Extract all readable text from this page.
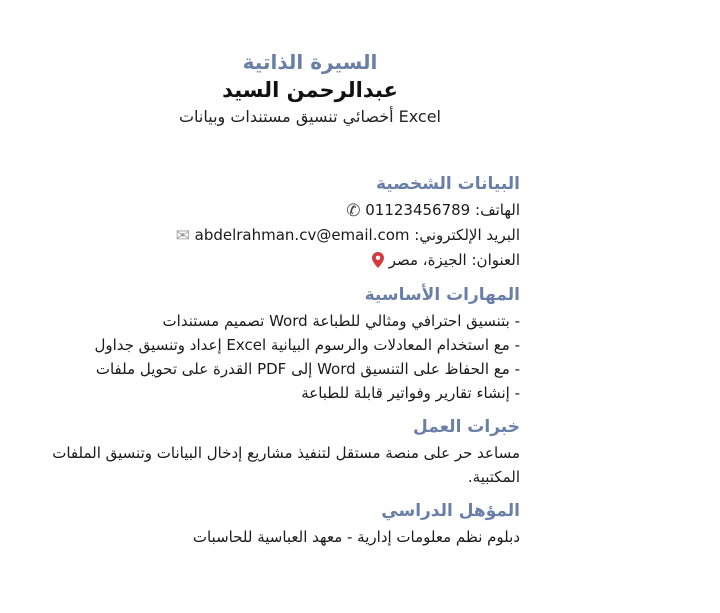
السيرة الذاتية
عبدالرحمن السيد
Excel أخصائي تنسيق مستندات وبيانات
البيانات الشخصية
الهاتف: 01123456789 ✆
البريد الإلكتروني: abdelrahman.cv@email.com ✉
العنوان: الجيزة، مصر
المهارات الأساسية
- بتنسيق احترافي ومثالي للطباعة Word تصميم مستندات
- مع استخدام المعادلات والرسوم البيانية Excel إعداد وتنسيق جداول
- مع الحفاظ على التنسيق Word إلى PDF القدرة على تحويل ملفات
- إنشاء تقارير وفواتير قابلة للطباعة
خبرات العمل
مساعد حر على منصة مستقل لتنفيذ مشاريع إدخال البيانات وتنسيق الملفات المكتبية.
المؤهل الدراسي
دبلوم نظم معلومات إدارية - معهد العباسية للحاسبات
